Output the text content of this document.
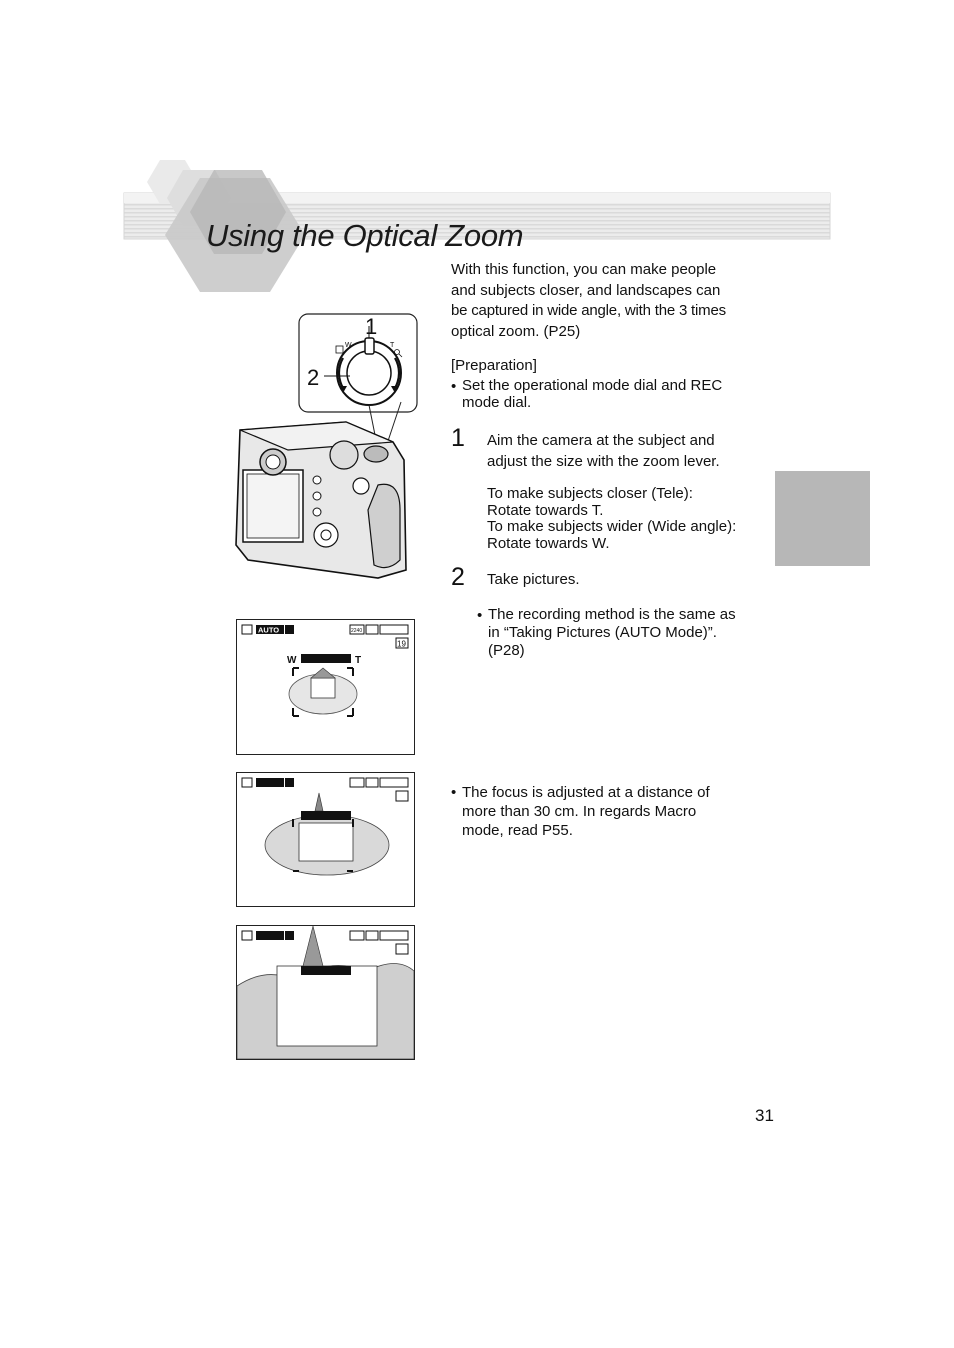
Using the Optical Zoom
With this function, you can make people
and subjects closer, and landscapes can
be captured in wide angle, with the 3 times
optical zoom. (P25)
[Preparation]
• Set the operational mode dial and REC
mode dial.
1 Aim the camera at the subject and
adjust the size with the zoom lever.
To make subjects closer (Tele):
Rotate towards T.
To make subjects wider (Wide angle):
Rotate towards W.
2 Take pictures.
• The recording method is the same as
in “Taking Pictures (AUTO Mode)”.
(P28)
• The focus is adjusted at a distance of
more than 30 cm. In regards Macro
mode, read P55.
W	T
1
2
AUTO	2240
19
W	T
31
